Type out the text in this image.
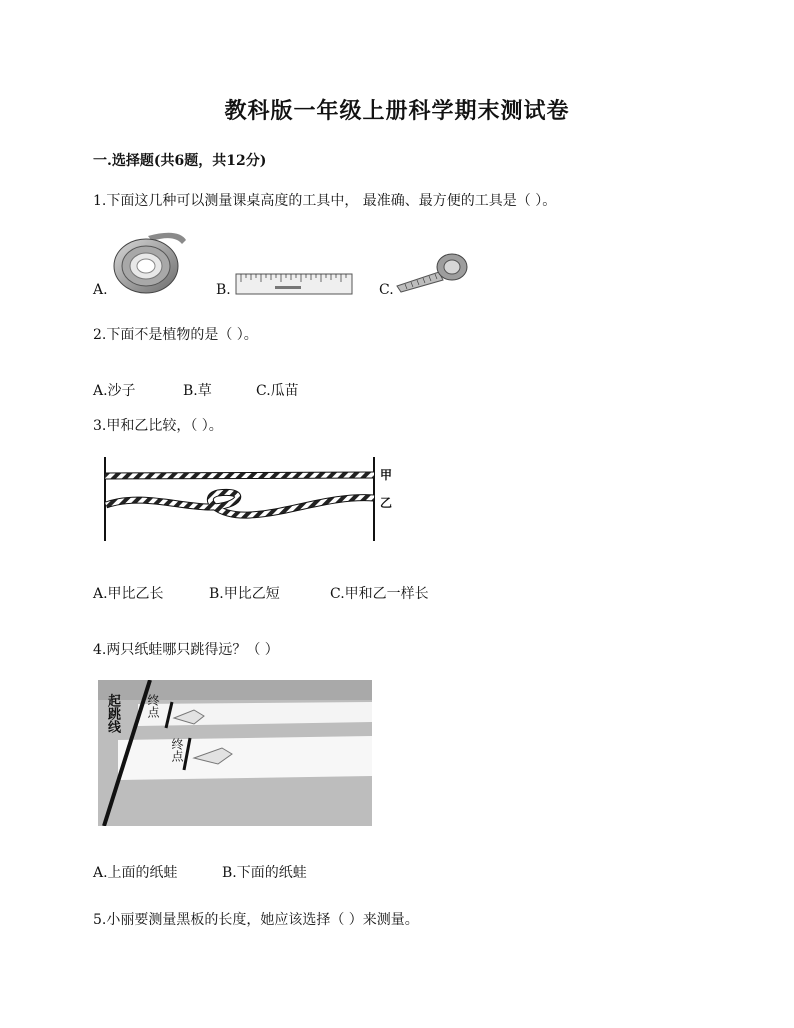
教科版一年级上册科学期末测试卷
一.选择题(共6题，共12分)
1.下面这几种可以测量课桌高度的工具中， 最准确、最方便的工具是（ ）。
A.	B.	C.
2.下面不是植物的是（ ）。
A.沙子	B.草	C.瓜苗
3.甲和乙比较，（ ）。
甲
乙
A.甲比乙长	B.甲比乙短	C.甲和乙一样长
4.两只纸蛙哪只跳得远？（ ）
起跳线 终点
终点
A.上面的纸蛙	B.下面的纸蛙
5.小丽要测量黑板的长度，她应该选择（ ）来测量。
